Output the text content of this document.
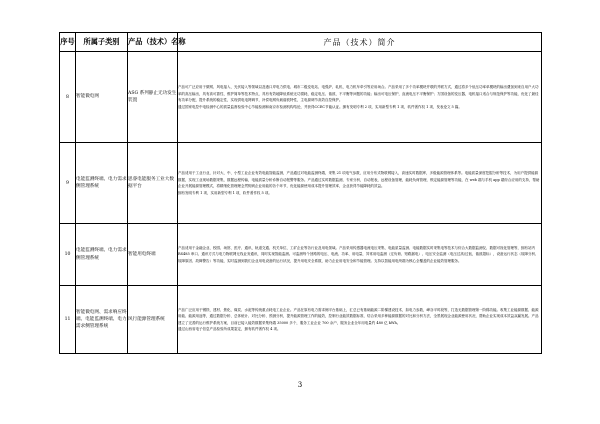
序号	所属子类别	产品（技术）名称	产品（技术）简介
8	智能微电网	ASG 系列静止无功发生装置	产品可广泛应用于微网、风电接入、光伏接入等领域以及港口岸电力供电、城市二级变电站、电弧炉、轧机、电力机车牵引等应用场合。产品采用了多个功率模块并联的并联方式，通过将多个低压功率单模块的输出叠加到来自用户大功率的高压输出，具有高可靠性、维护简单等技术特点，具有有效地降低系统无功损耗、稳定电压、谐波、不平衡等问题的功能；输出可电压保护，直流电压不平衡保护；方国设备的变压器，电机接口适合与规范保护等功能，优化了最佳有功率分配，提升系统的稳定性，实现供电电网调节，补偿电网负载谐波特性，主电源调节高效自控保护。

通过国家电控中电检测中心的质量监督检验中心节能检测和南京市检测机构结论，并获得CCEC节能认证。拥有发明专利 2 项，实用新型专利 1 项，软件著作权 1 项，发表论文 5 篇。

9	电能监测终端、电力需求侧管理系统	思睿电能服务工业大数据平台	产品适用于工业行业，针对大、中、小型工业企业有效电能智能监测，产品通过对电能监测终端，采集 21 项电气参数，应用分布式物联网接入，高速实时数据库，多级能源管理体系等。电能质量深度挖掘分析等技术，为用户提供能源数据，实现工业现场数据采集，数据远程传输，电能质量分析诊断自动报警等服务。产品通过实时数据监测，专家分析，自动报表，远程设备管理，能耗负荷管理，锁定能源管理等功能，在 web 端与手机 app 端综合应用的支持，帮助企业开展能源管理模式，将精细化管理理念贯彻到企业用能的各个环节，优化能源使用成本提升管理效率，企业获得节能降耗的效益。

拥有发明专利 1 项，实用新型专利 1 项，软件著作权 5 项。

10	电能监测终端、电力需求侧管理系统	智能用电终端	产品适用于金融企业、校园、场馆、医疗、通讯、轨道交通、机关单位、工矿企业等各行业及用电领域。产品采用传感器电流电压采集、电能质量监测、电能数据实时采集电等技术与综合大数据监测仪、数据可视化管理等，拥有站内 RS485 串口、通讯方式与电力物联网无线业务通讯，同时实现智能监测。可监测每个回路的电压、电流、功率、用电量，异常用电监测（过负荷、短路漏电）、电压安全监测（电压过高/过低，谐波超标），设备运行状态（故障分析、故障原因、故障警告）等功能，实时监测到我们企业用电设备的运行状况，提升用电安全系数，助力企业用电安全和节能管理。支持以智能用电终端为核心全覆盖的企业能效管理服务。

11	智能微电网、需求响应终端、电能监测终端、电力需求侧管理系统	风行能源管理系统	产品广泛应用于钢铁、建材、焦化、煤炭、水泥等传统重点耗电工业企业。产品在原有电力需求侧平台基础上，汇总已有基础能源二阶梯建设技术，如电力参数，峰谷平时段等，打造无数据管理第一阶梯功能。收集工业能源数据、能源用能、能源用途等，通过数据分析、总体统计、对比分析、预测分析，提升能源管理工作的能效，控制行业能效数据标准，结合采用多种能源数据的对比和分析方法，全景展现企业能源使用状况，帮助企业实现成本效益双赢发展。产品建立了完善的运行维护系统方案，目前已接入能效数据采集终端 35000 多个，服务工业企业 700 余户，服务企业全年用电量约 480 亿 kWh。

通过山西省电子信息产品检验所成果鉴定，拥有软件著作权 4 项。

3
